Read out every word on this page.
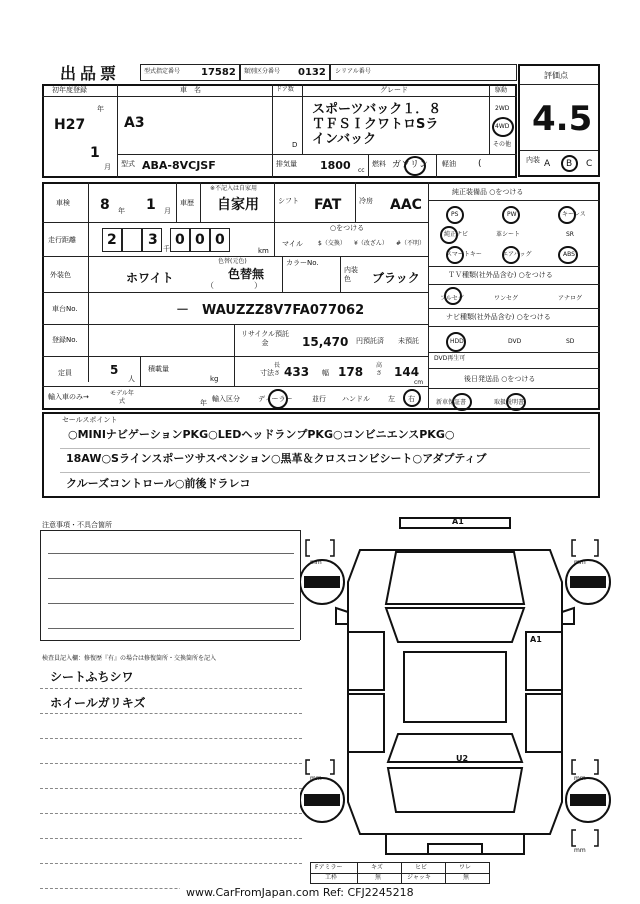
出品票	型式指定番号 17582 類別区分番号 0132 シリアル番号	評価点
4.5
内装 A B C
初年度登録
H27
年
1
月
車　名
A3
ドア数
D
グレード
スポーツバック１．８
ＴＦＳＩクワトロSラ
インバック
駆動
2WD
4WD
その他
型式 ABA-8VCJSF	排気量 1800 cc
燃料 ガソリン 軽油 (
車検 8 年 1 月
車歴
※不記入は自家用
自家用	シフト FAT	冷房 AAC
走行距離 2 3
千
0 0 0
km
○をつける
マイル	$（交換） ¥（改ざん） #（不明）
外装色	ホワイト
色替(元色)
色替無
（　　　　　）
カラーNo.
内装色	ブラック
車台No.	－　WAUZZZ8V7FA077062
登録No.
リサイクル預託金	15,470 円預託済 未預託
定員	5
人
積載量
kg
寸法
長さ 433 幅 178 高さ 144
cm
輸入車のみ→	モデル年式	年 輸入区分	ディーラー	並行 ハンドル	左 右
純正装備品 ○をつける
PS	PW	キーレス
純正ナビ	革シート	SR
スマートキー	エアバッグ	ABS
ＴＶ種類(社外品含む) ○をつける
フルセグ	ワンセグ	アナログ
ナビ種類(社外品含む) ○をつける
HDD	DVD	SD
DVD再生可
後日発送品 ○をつける
新車保証書	取扱説明書
セールスポイント
○MINIナビゲーションPKG○LEDヘッドランプPKG○コンビニエンスPKG○
18AW○Sラインスポーツサスペンション○黒革＆クロスコンビシート○アダプティブ
クルーズコントロール○前後ドラレコ
注意事項・不具合箇所
検査員記入欄：修復歴『有』の場合は修復箇所・交換箇所を記入
シートふちシワ
ホイールガリキズ
A1
A1
U2
mm	mm
mm	mm
mm
Fアミラー	キズ	ヒビ	ワレ
工枠	無	ジャッキ	無
www.CarFromJapan.com Ref: CFJ2245218
